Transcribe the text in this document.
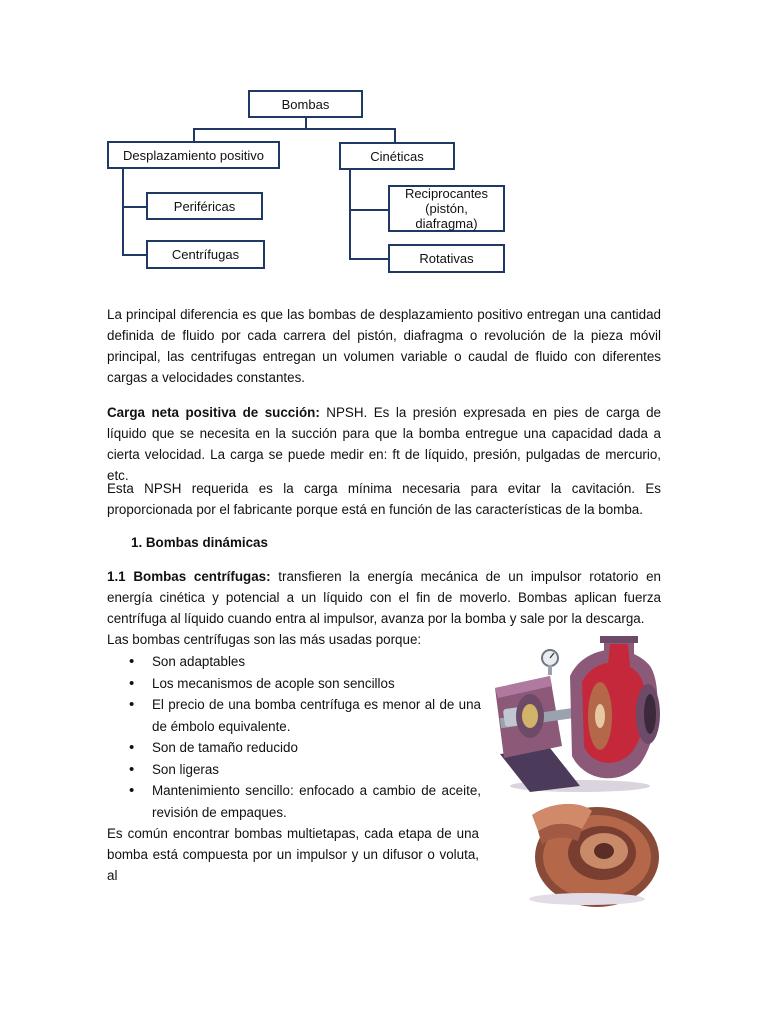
Bombas
Desplazamiento positivo	Cinéticas
Periféricas
Centrífugas
Reciprocantes (pistón, diafragma)
Rotativas

La principal diferencia es que las bombas de desplazamiento positivo entregan una cantidad definida de fluido por cada carrera del pistón, diafragma o revolución de la pieza móvil principal, las centrifugas entregan un volumen variable o caudal de fluido con diferentes cargas a velocidades constantes.

Carga neta positiva de succión: NPSH. Es la presión expresada en pies de carga de líquido que se necesita en la succión para que la bomba entregue una capacidad dada a cierta velocidad. La carga se puede medir en: ft de líquido, presión, pulgadas de mercurio, etc.

Esta NPSH requerida es la carga mínima necesaria para evitar la cavitación. Es proporcionada por el fabricante porque está en función de las características de la bomba.

1. Bombas dinámicas

1.1 Bombas centrífugas: transfieren la energía mecánica de un impulsor rotatorio en energía cinética y potencial a un líquido con el fin de moverlo. Bombas aplican fuerza centrífuga al líquido cuando entra al impulsor, avanza por la bomba y sale por la descarga.

Las bombas centrífugas son las más usadas porque:

• Son adaptables
• Los mecanismos de acople son sencillos
• El precio de una bomba centrífuga es menor al de una de émbolo equivalente.
• Son de tamaño reducido
• Son ligeras
• Mantenimiento sencillo: enfocado a cambio de aceite, revisión de empaques.

Es común encontrar bombas multietapas, cada etapa de una bomba está compuesta por un impulsor y un difusor o voluta, al
